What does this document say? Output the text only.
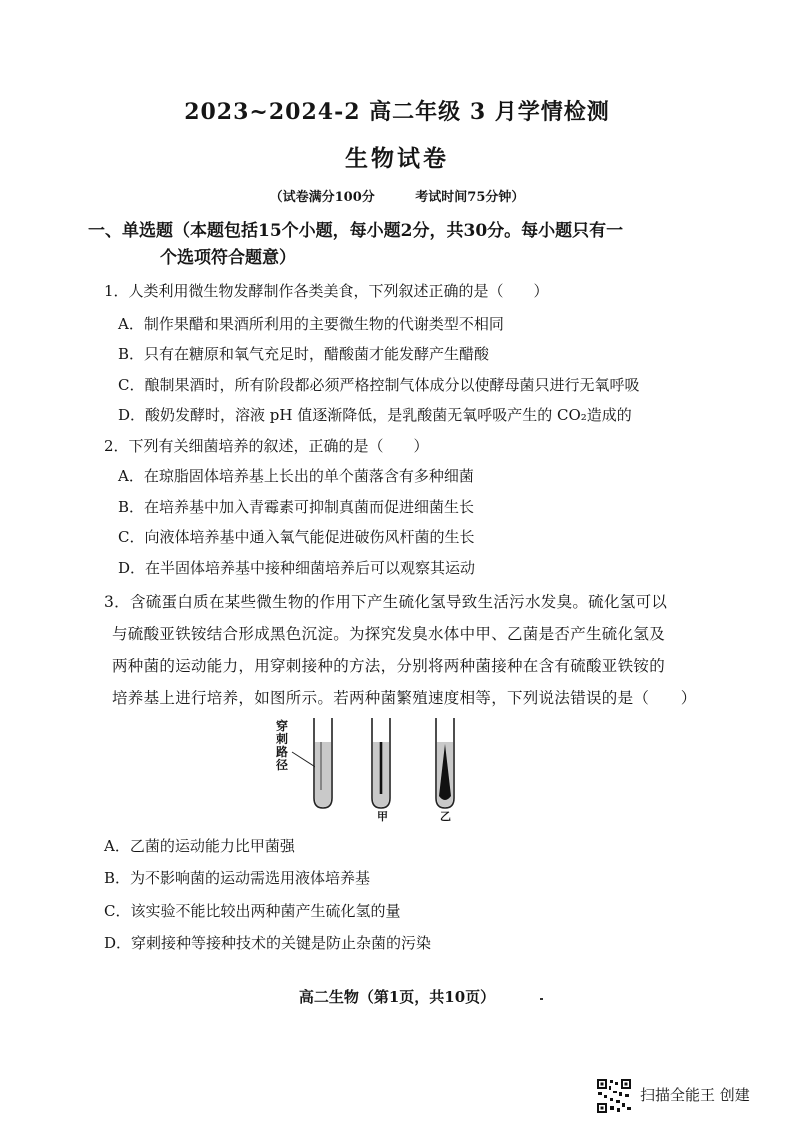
2023~2024-2 高二年级 3 月学情检测
生物试卷
（试卷满分100分	考试时间75分钟）
一、单选题（本题包括15个小题，每小题2分，共30分。每小题只有一
个选项符合题意）
1．人类利用微生物发酵制作各类美食，下列叙述正确的是（　　）
A．制作果醋和果酒所利用的主要微生物的代谢类型不相同
B．只有在糖原和氧气充足时，醋酸菌才能发酵产生醋酸
C．酿制果酒时，所有阶段都必须严格控制气体成分以使酵母菌只进行无氧呼吸
D．酸奶发酵时，溶液 pH 值逐渐降低，是乳酸菌无氧呼吸产生的 CO₂造成的
2．下列有关细菌培养的叙述，正确的是（　　）
A．在琼脂固体培养基上长出的单个菌落含有多种细菌
B．在培养基中加入青霉素可抑制真菌而促进细菌生长
C．向液体培养基中通入氧气能促进破伤风杆菌的生长
D．在半固体培养基中接种细菌培养后可以观察其运动
3．含硫蛋白质在某些微生物的作用下产生硫化氢导致生活污水发臭。硫化氢可以
与硫酸亚铁铵结合形成黑色沉淀。为探究发臭水体中甲、乙菌是否产生硫化氢及
两种菌的运动能力，用穿刺接种的方法，分别将两种菌接种在含有硫酸亚铁铵的
培养基上进行培养，如图所示。若两种菌繁殖速度相等，下列说法错误的是（　　）
穿
刺
路
径
甲	乙
A．乙菌的运动能力比甲菌强
B．为不影响菌的运动需选用液体培养基
C．该实验不能比较出两种菌产生硫化氢的量
D．穿刺接种等接种技术的关键是防止杂菌的污染
高二生物（第1页，共10页）
扫描全能王 创建
